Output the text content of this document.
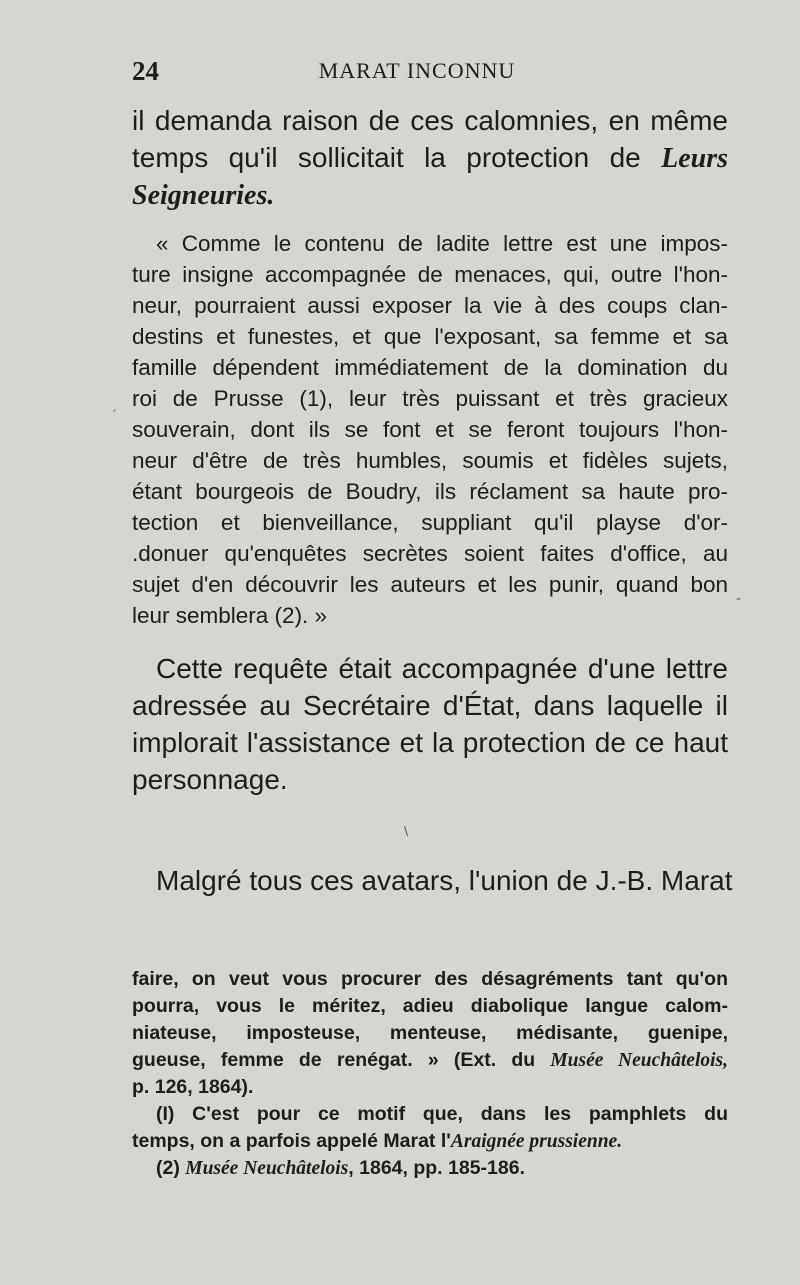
24	MARAT INCONNU
il demanda raison de ces calomnies, en même
temps qu'il sollicitait la protection de Leurs
Seigneuries.
« Comme le contenu de ladite lettre est une impos-
ture insigne accompagnée de menaces, qui, outre l'hon-
neur, pourraient aussi exposer la vie à des coups clan-
destins et funestes, et que l'exposant, sa femme et sa
famille dépendent immédiatement de la domination du
roi de Prusse (1), leur très puissant et très gracieux
souverain, dont ils se font et se feront toujours l'hon-
neur d'être de très humbles, soumis et fidèles sujets,
étant bourgeois de Boudry, ils réclament sa haute pro-
tection et bienveillance, suppliant qu'il playse d'or-
.donuer qu'enquêtes secrètes soient faites d'office, au
sujet d'en découvrir les auteurs et les punir, quand bon
leur semblera (2). »
Cette requête était accompagnée d'une lettre
adressée au Secrétaire d'État, dans laquelle il
implorait l'assistance et la protection de ce haut
personnage.
Malgré tous ces avatars, l'union de J.-B. Marat
faire, on veut vous procurer des désagréments tant qu'on
pourra, vous le méritez, adieu diabolique langue calom-
niateuse, imposteuse, menteuse, médisante, guenipe,
gueuse, femme de renégat. » (Ext. du Musée Neuchâtelois,
p. 126, 1864).
(I) C'est pour ce motif que, dans les pamphlets du
temps, on a parfois appelé Marat l'Araignée prussienne.
(2) Musée Neuchâtelois, 1864, pp. 185-186.
′
-
\
